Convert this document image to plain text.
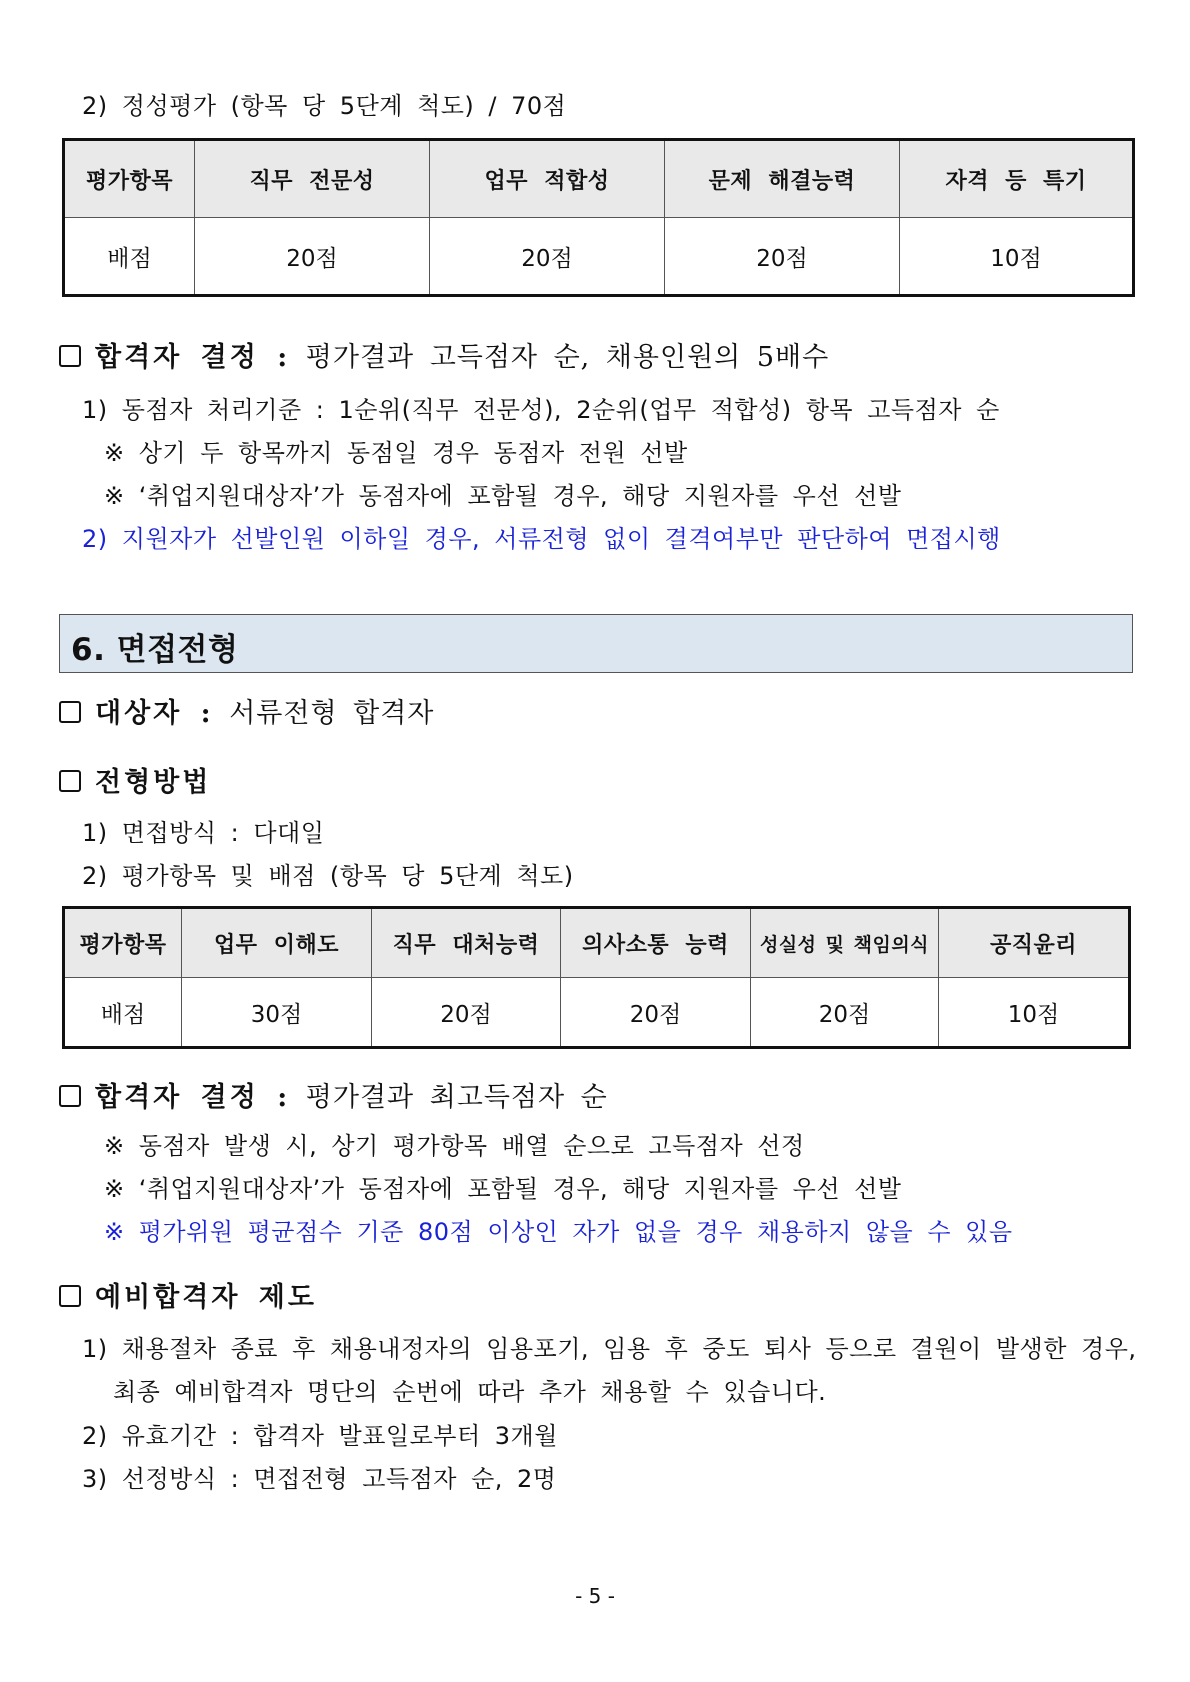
2) 정성평가 (항목 당 5단계 척도) / 70점
평가항목	직무 전문성	업무 적합성	문제 해결능력	자격 등 특기
배점	20점	20점	20점	10점
합격자 결정 : 평가결과 고득점자 순, 채용인원의 5배수
1) 동점자 처리기준 : 1순위(직무 전문성), 2순위(업무 적합성) 항목 고득점자 순
※ 상기 두 항목까지 동점일 경우 동점자 전원 선발
※ ‘취업지원대상자’가 동점자에 포함될 경우, 해당 지원자를 우선 선발
2) 지원자가 선발인원 이하일 경우, 서류전형 없이 결격여부만 판단하여 면접시행
6. 면접전형
대상자 : 서류전형 합격자
전형방법
1) 면접방식 : 다대일
2) 평가항목 및 배점 (항목 당 5단계 척도)
평가항목	업무 이해도	직무 대처능력	의사소통 능력	성실성 및 책임의식	공직윤리
배점	30점	20점	20점	20점	10점
합격자 결정 : 평가결과 최고득점자 순
※ 동점자 발생 시, 상기 평가항목 배열 순으로 고득점자 선정
※ ‘취업지원대상자’가 동점자에 포함될 경우, 해당 지원자를 우선 선발
※ 평가위원 평균점수 기준 80점 이상인 자가 없을 경우 채용하지 않을 수 있음
예비합격자 제도
1) 채용절차 종료 후 채용내정자의 임용포기, 임용 후 중도 퇴사 등으로 결원이 발생한 경우,
최종 예비합격자 명단의 순번에 따라 추가 채용할 수 있습니다.
2) 유효기간 : 합격자 발표일로부터 3개월
3) 선정방식 : 면접전형 고득점자 순, 2명
- 5 -
